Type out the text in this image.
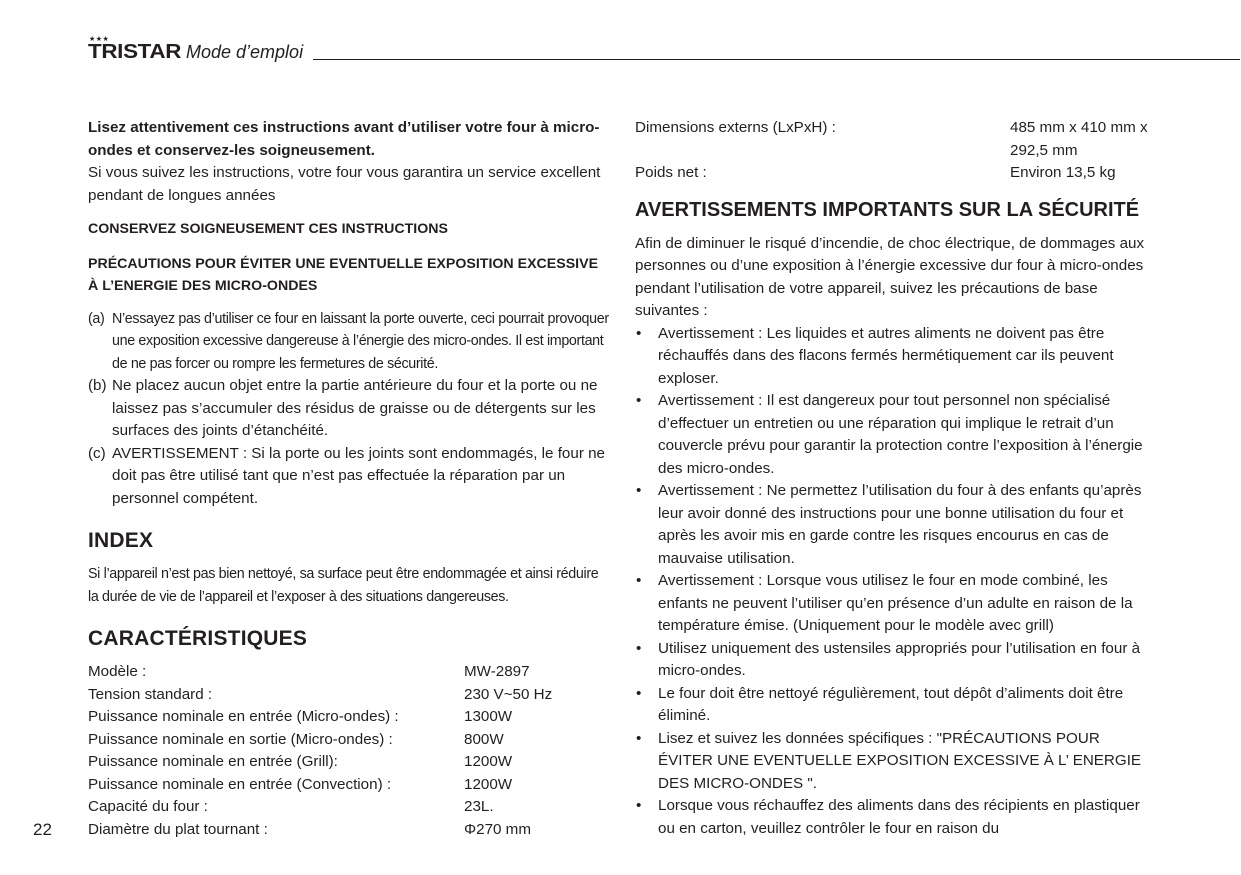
★★★
TRISTAR Mode d’emploi

Lisez attentivement ces instructions avant d’utiliser votre four à micro-ondes et conservez-les soigneusement.

Si vous suivez les instructions, votre four vous garantira un service excellent pendant de longues années

CONSERVEZ SOIGNEUSEMENT CES INSTRUCTIONS

PRÉCAUTIONS POUR ÉVITER UNE EVENTUELLE EXPOSITION EXCESSIVE À L’ENERGIE DES MICRO-ONDES

(a) N’essayez pas d’utiliser ce four en laissant la porte ouverte, ceci pourrait provoquer une exposition excessive dangereuse à l’énergie des micro-ondes. Il est important de ne pas forcer ou rompre les fermetures de sécurité.
(b) Ne placez aucun objet entre la partie antérieure du four et la porte ou ne laissez pas s’accumuler des résidus de graisse ou de détergents sur les surfaces des joints d’étanchéité.
(c) AVERTISSEMENT : Si la porte ou les joints sont endommagés, le four ne doit pas être utilisé tant que n’est pas effectuée la réparation par un personnel compétent.
INDEX

Si l’appareil n’est pas bien nettoyé, sa surface peut être endommagée et ainsi réduire la durée de vie de l’appareil et l’exposer à des situations dangereuses.

CARACTÉRISTIQUES
Modèle :	MW-2897
Tension standard :	230 V~50 Hz
Puissance nominale en entrée (Micro-ondes) :	1300W
Puissance nominale en sortie (Micro-ondes) :	800W
Puissance nominale en entrée (Grill):	1200W
Puissance nominale en entrée (Convection) :	1200W
Capacité du four :	23L.
Diamètre du plat tournant :	Φ270 mm
Dimensions externs (LxPxH) :	485 mm x 410 mm x 292,5 mm
Poids net :	Environ 13,5 kg
AVERTISSEMENTS IMPORTANTS SUR LA SÉCURITÉ

Afin de diminuer le risqué d’incendie, de choc électrique, de dommages aux personnes ou d’une exposition à l’énergie excessive dur four à micro-ondes pendant l’utilisation de votre appareil, suivez les précautions de base suivantes :

• Avertissement : Les liquides et autres aliments ne doivent pas être réchauffés dans des flacons fermés hermétiquement car ils peuvent exploser.
• Avertissement : Il est dangereux pour tout personnel non spécialisé d’effectuer un entretien ou une réparation qui implique le retrait d’un couvercle prévu pour garantir la protection contre l’exposition à l’énergie des micro-ondes.
• Avertissement : Ne permettez l’utilisation du four à des enfants qu’après leur avoir donné des instructions pour une bonne utilisation du four et après les avoir mis en garde contre les risques encourus en cas de mauvaise utilisation.
• Avertissement : Lorsque vous utilisez le four en mode combiné, les enfants ne peuvent l’utiliser qu’en présence d’un adulte en raison de la température émise. (Uniquement pour le modèle avec grill)
• Utilisez uniquement des ustensiles appropriés pour l’utilisation en four à micro-ondes.
• Le four doit être nettoyé régulièrement, tout dépôt d’aliments doit être éliminé.
• Lisez et suivez les données spécifiques : "PRÉCAUTIONS POUR ÉVITER UNE EVENTUELLE EXPOSITION EXCESSIVE À L’ ENERGIE DES MICRO-ONDES ".
• Lorsque vous réchauffez des aliments dans des récipients en plastiquer ou en carton, veuillez contrôler le four en raison du
22
